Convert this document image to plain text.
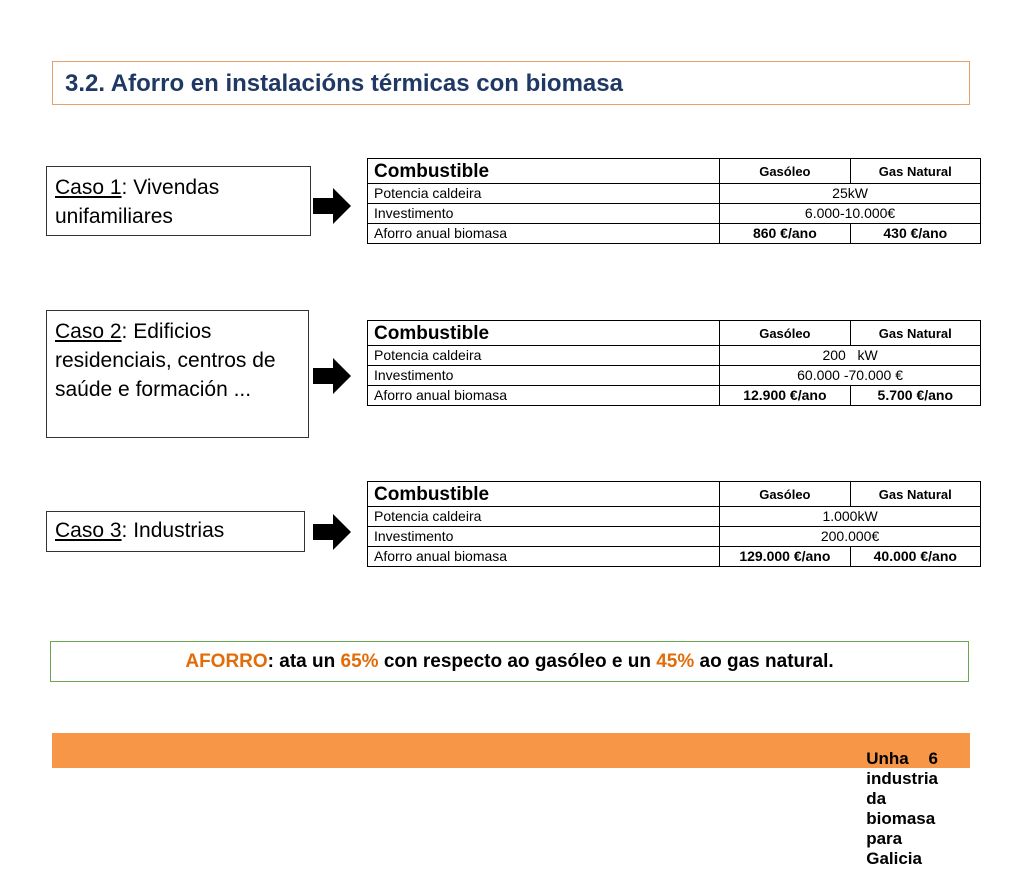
3.2. Aforro en instalacións térmicas con biomasa
Caso 1: Vivendas unifamiliares
Combustible	Gasóleo	Gas Natural
Potencia caldeira	25kW	
Investimento	6.000-10.000€	
Aforro anual biomasa	860 €/ano	430 €/ano
Caso 2: Edificios residenciais, centros de saúde e formación ...
Combustible	Gasóleo	Gas Natural
Potencia caldeira	200   kW	
Investimento	60.000 -70.000 €	
Aforro anual biomasa	12.900 €/ano	5.700 €/ano
Caso 3: Industrias
Combustible	Gasóleo	Gas Natural
Potencia caldeira	1.000kW	
Investimento	200.000€	
Aforro anual biomasa	129.000 €/ano	40.000 €/ano
AFORRO: ata un 65% con respecto ao gasóleo e un 45% ao gas natural.
Unha industria da biomasa para Galicia

6
